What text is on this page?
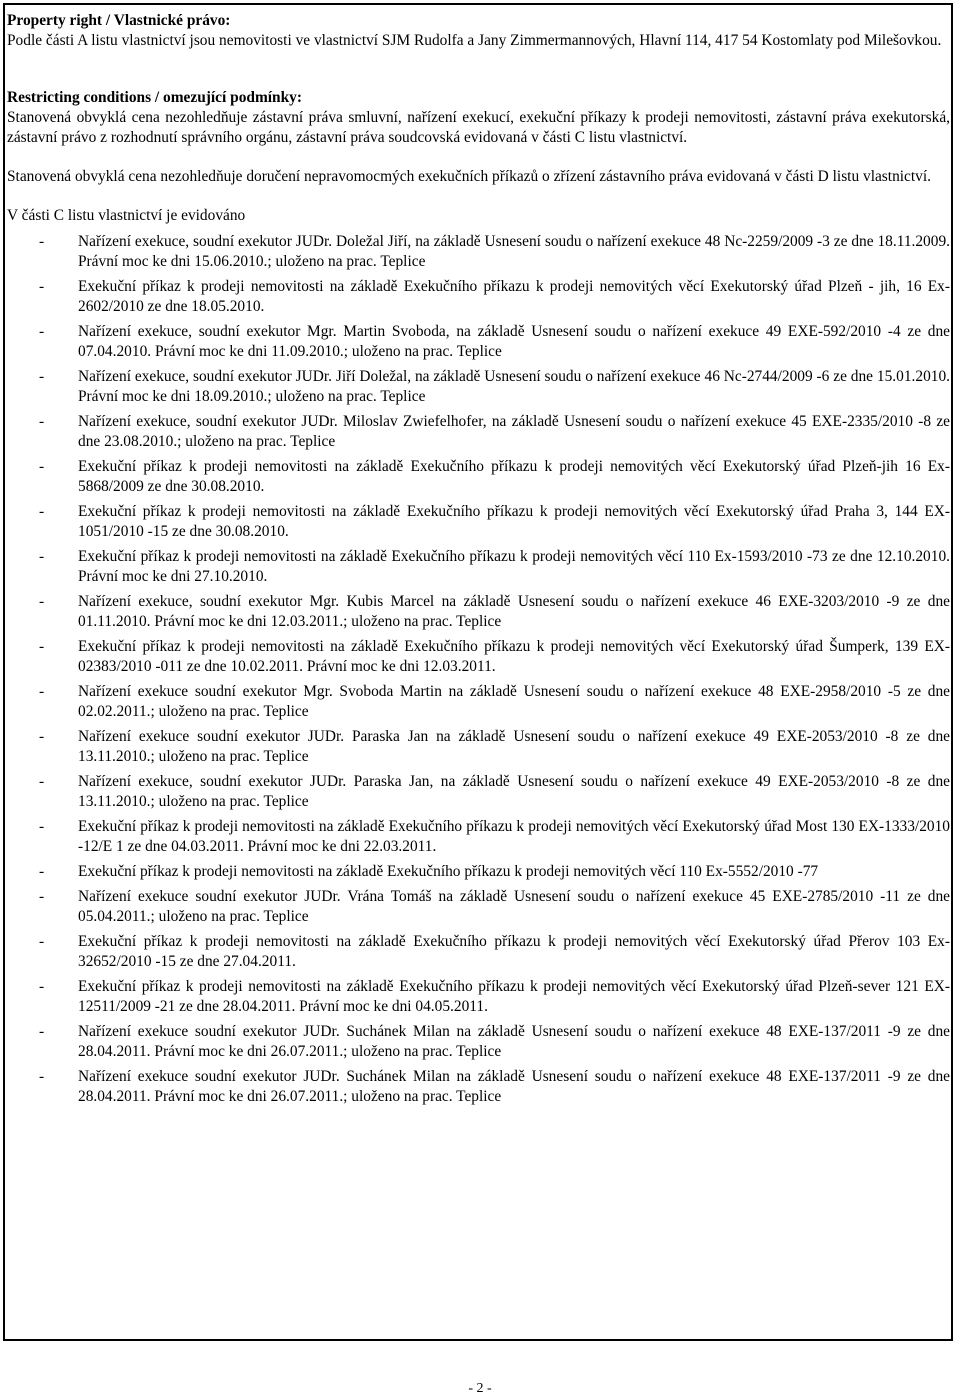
Property right / Vlastnické právo:

Podle části A listu vlastnictví jsou nemovitosti ve vlastnictví SJM Rudolfa a Jany Zimmermannových, Hlavní 114, 417 54 Kostomlaty pod Milešovkou.

Restricting conditions / omezující podmínky:

Stanovená obvyklá cena nezohledňuje zástavní práva smluvní, nařízení exekucí, exekuční příkazy k prodeji nemovitosti, zástavní práva exekutorská, zástavní právo z rozhodnutí správního orgánu, zástavní práva soudcovská evidovaná v části C listu vlastnictví.

Stanovená obvyklá cena nezohledňuje doručení nepravomocmých exekučních příkazů o zřízení zástavního práva evidovaná v části D listu vlastnictví.

V části C listu vlastnictví je evidováno

- Nařízení exekuce, soudní exekutor JUDr. Doležal Jiří, na základě Usnesení soudu o nařízení exekuce 48 Nc-2259/2009 -3 ze dne 18.11.2009. Právní moc ke dni 15.06.2010.; uloženo na prac. Teplice
- Exekuční příkaz k prodeji nemovitosti na základě Exekučního příkazu k prodeji nemovitých věcí Exekutorský úřad Plzeň - jih, 16 Ex-2602/2010 ze dne 18.05.2010.
- Nařízení exekuce, soudní exekutor Mgr. Martin Svoboda, na základě Usnesení soudu o nařízení exekuce 49 EXE-592/2010 -4 ze dne 07.04.2010. Právní moc ke dni 11.09.2010.; uloženo na prac. Teplice
- Nařízení exekuce, soudní exekutor JUDr. Jiří Doležal, na základě Usnesení soudu o nařízení exekuce 46 Nc-2744/2009 -6 ze dne 15.01.2010. Právní moc ke dni 18.09.2010.; uloženo na prac. Teplice
- Nařízení exekuce, soudní exekutor JUDr. Miloslav Zwiefelhofer, na základě Usnesení soudu o nařízení exekuce 45 EXE-2335/2010 -8 ze dne 23.08.2010.; uloženo na prac. Teplice
- Exekuční příkaz k prodeji nemovitosti na základě Exekučního příkazu k prodeji nemovitých věcí Exekutorský úřad Plzeň-jih 16 Ex-5868/2009 ze dne 30.08.2010.
- Exekuční příkaz k prodeji nemovitosti na základě Exekučního příkazu k prodeji nemovitých věcí Exekutorský úřad Praha 3, 144 EX-1051/2010 -15 ze dne 30.08.2010.
- Exekuční příkaz k prodeji nemovitosti na základě Exekučního příkazu k prodeji nemovitých věcí 110 Ex-1593/2010 -73 ze dne 12.10.2010. Právní moc ke dni 27.10.2010.
- Nařízení exekuce, soudní exekutor Mgr. Kubis Marcel na základě Usnesení soudu o nařízení exekuce 46 EXE-3203/2010 -9 ze dne 01.11.2010. Právní moc ke dni 12.03.2011.; uloženo na prac. Teplice
- Exekuční příkaz k prodeji nemovitosti na základě Exekučního příkazu k prodeji nemovitých věcí Exekutorský úřad Šumperk, 139 EX-02383/2010 -011 ze dne 10.02.2011. Právní moc ke dni 12.03.2011.
- Nařízení exekuce soudní exekutor Mgr. Svoboda Martin na základě Usnesení soudu o nařízení exekuce 48 EXE-2958/2010 -5 ze dne 02.02.2011.; uloženo na prac. Teplice
- Nařízení exekuce soudní exekutor JUDr. Paraska Jan na základě Usnesení soudu o nařízení exekuce 49 EXE-2053/2010 -8 ze dne 13.11.2010.; uloženo na prac. Teplice
- Nařízení exekuce, soudní exekutor JUDr. Paraska Jan, na základě Usnesení soudu o nařízení exekuce 49 EXE-2053/2010 -8 ze dne 13.11.2010.; uloženo na prac. Teplice
- Exekuční příkaz k prodeji nemovitosti na základě Exekučního příkazu k prodeji nemovitých věcí Exekutorský úřad Most 130 EX-1333/2010 -12/E 1 ze dne 04.03.2011. Právní moc ke dni 22.03.2011.
- Exekuční příkaz k prodeji nemovitosti na základě Exekučního příkazu k prodeji nemovitých věcí 110 Ex-5552/2010 -77
- Nařízení exekuce soudní exekutor JUDr. Vrána Tomáš na základě Usnesení soudu o nařízení exekuce 45 EXE-2785/2010 -11 ze dne 05.04.2011.; uloženo na prac. Teplice
- Exekuční příkaz k prodeji nemovitosti na základě Exekučního příkazu k prodeji nemovitých věcí Exekutorský úřad Přerov 103 Ex-32652/2010 -15 ze dne 27.04.2011.
- Exekuční příkaz k prodeji nemovitosti na základě Exekučního příkazu k prodeji nemovitých věcí Exekutorský úřad Plzeň-sever 121 EX-12511/2009 -21 ze dne 28.04.2011. Právní moc ke dni 04.05.2011.
- Nařízení exekuce soudní exekutor JUDr. Suchánek Milan na základě Usnesení soudu o nařízení exekuce 48 EXE-137/2011 -9 ze dne 28.04.2011. Právní moc ke dni 26.07.2011.; uloženo na prac. Teplice
- Nařízení exekuce soudní exekutor JUDr. Suchánek Milan na základě Usnesení soudu o nařízení exekuce 48 EXE-137/2011 -9 ze dne 28.04.2011. Právní moc ke dni 26.07.2011.; uloženo na prac. Teplice
- 2 -
